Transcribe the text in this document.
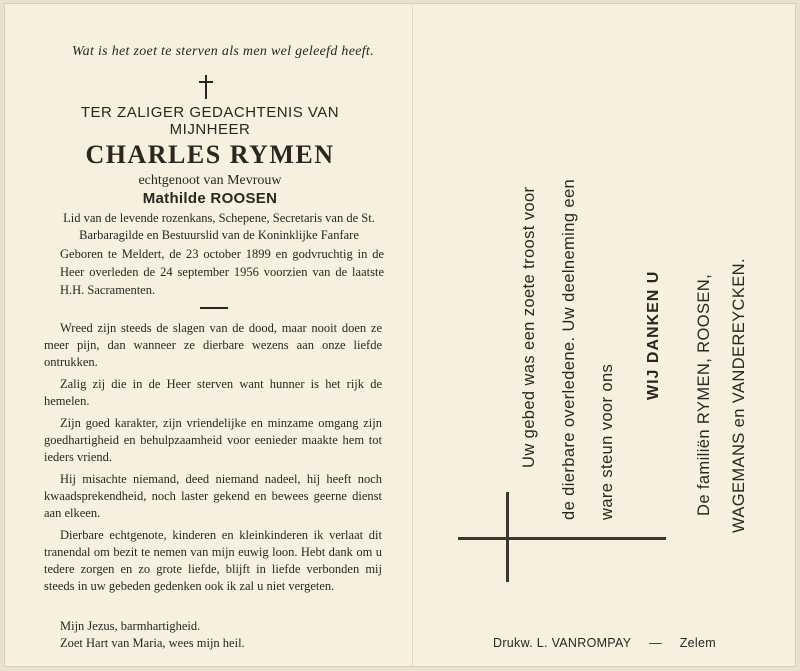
Wat is het zoet te sterven als men wel geleefd heeft.
TER ZALIGER GEDACHTENIS VAN
MIJNHEER
CHARLES RYMEN
echtgenoot van Mevrouw
Mathilde ROOSEN
Lid van de levende rozenkans, Schepene, Secretaris van de St. Barbaragilde en Bestuurslid van de Koninklijke Fanfare
Geboren te Meldert, de 23 october 1899 en godvruchtig in de Heer overleden de 24 september 1956 voorzien van de laatste H.H. Sacramenten.

Wreed zijn steeds de slagen van de dood, maar nooit doen ze meer pijn, dan wanneer ze dierbare wezens aan onze liefde ontrukken.

Zalig zij die in de Heer sterven want hunner is het rijk de hemelen.

Zijn goed karakter, zijn vriendelijke en minzame omgang zijn goedhartigheid en behulpzaamheid voor eenieder maakte hem tot ieders vriend.

Hij misachte niemand, deed niemand nadeel, hij heeft noch kwaadsprekendheid, noch laster gekend en bewees geerne dienst aan elkeen.

Dierbare echtgenote, kinderen en kleinkinderen ik verlaat dit tranendal om bezit te nemen van mijn euwig loon. Hebt dank om u tedere zorgen en zo grote liefde, blijft in liefde verbonden mij steeds in uw gebeden gedenken ook ik zal u niet vergeten.

Mijn Jezus, barmhartigheid.
Zoet Hart van Maria, wees mijn heil.
Uw gebed was een zoete troost voor de dierbare overledene. Uw deelneming een ware steun voor ons
WIJ DANKEN U De familiën RYMEN, ROOSEN, WAGEMANS en VANDEREYCKEN.
Drukw. L. VANROMPAY — Zelem
